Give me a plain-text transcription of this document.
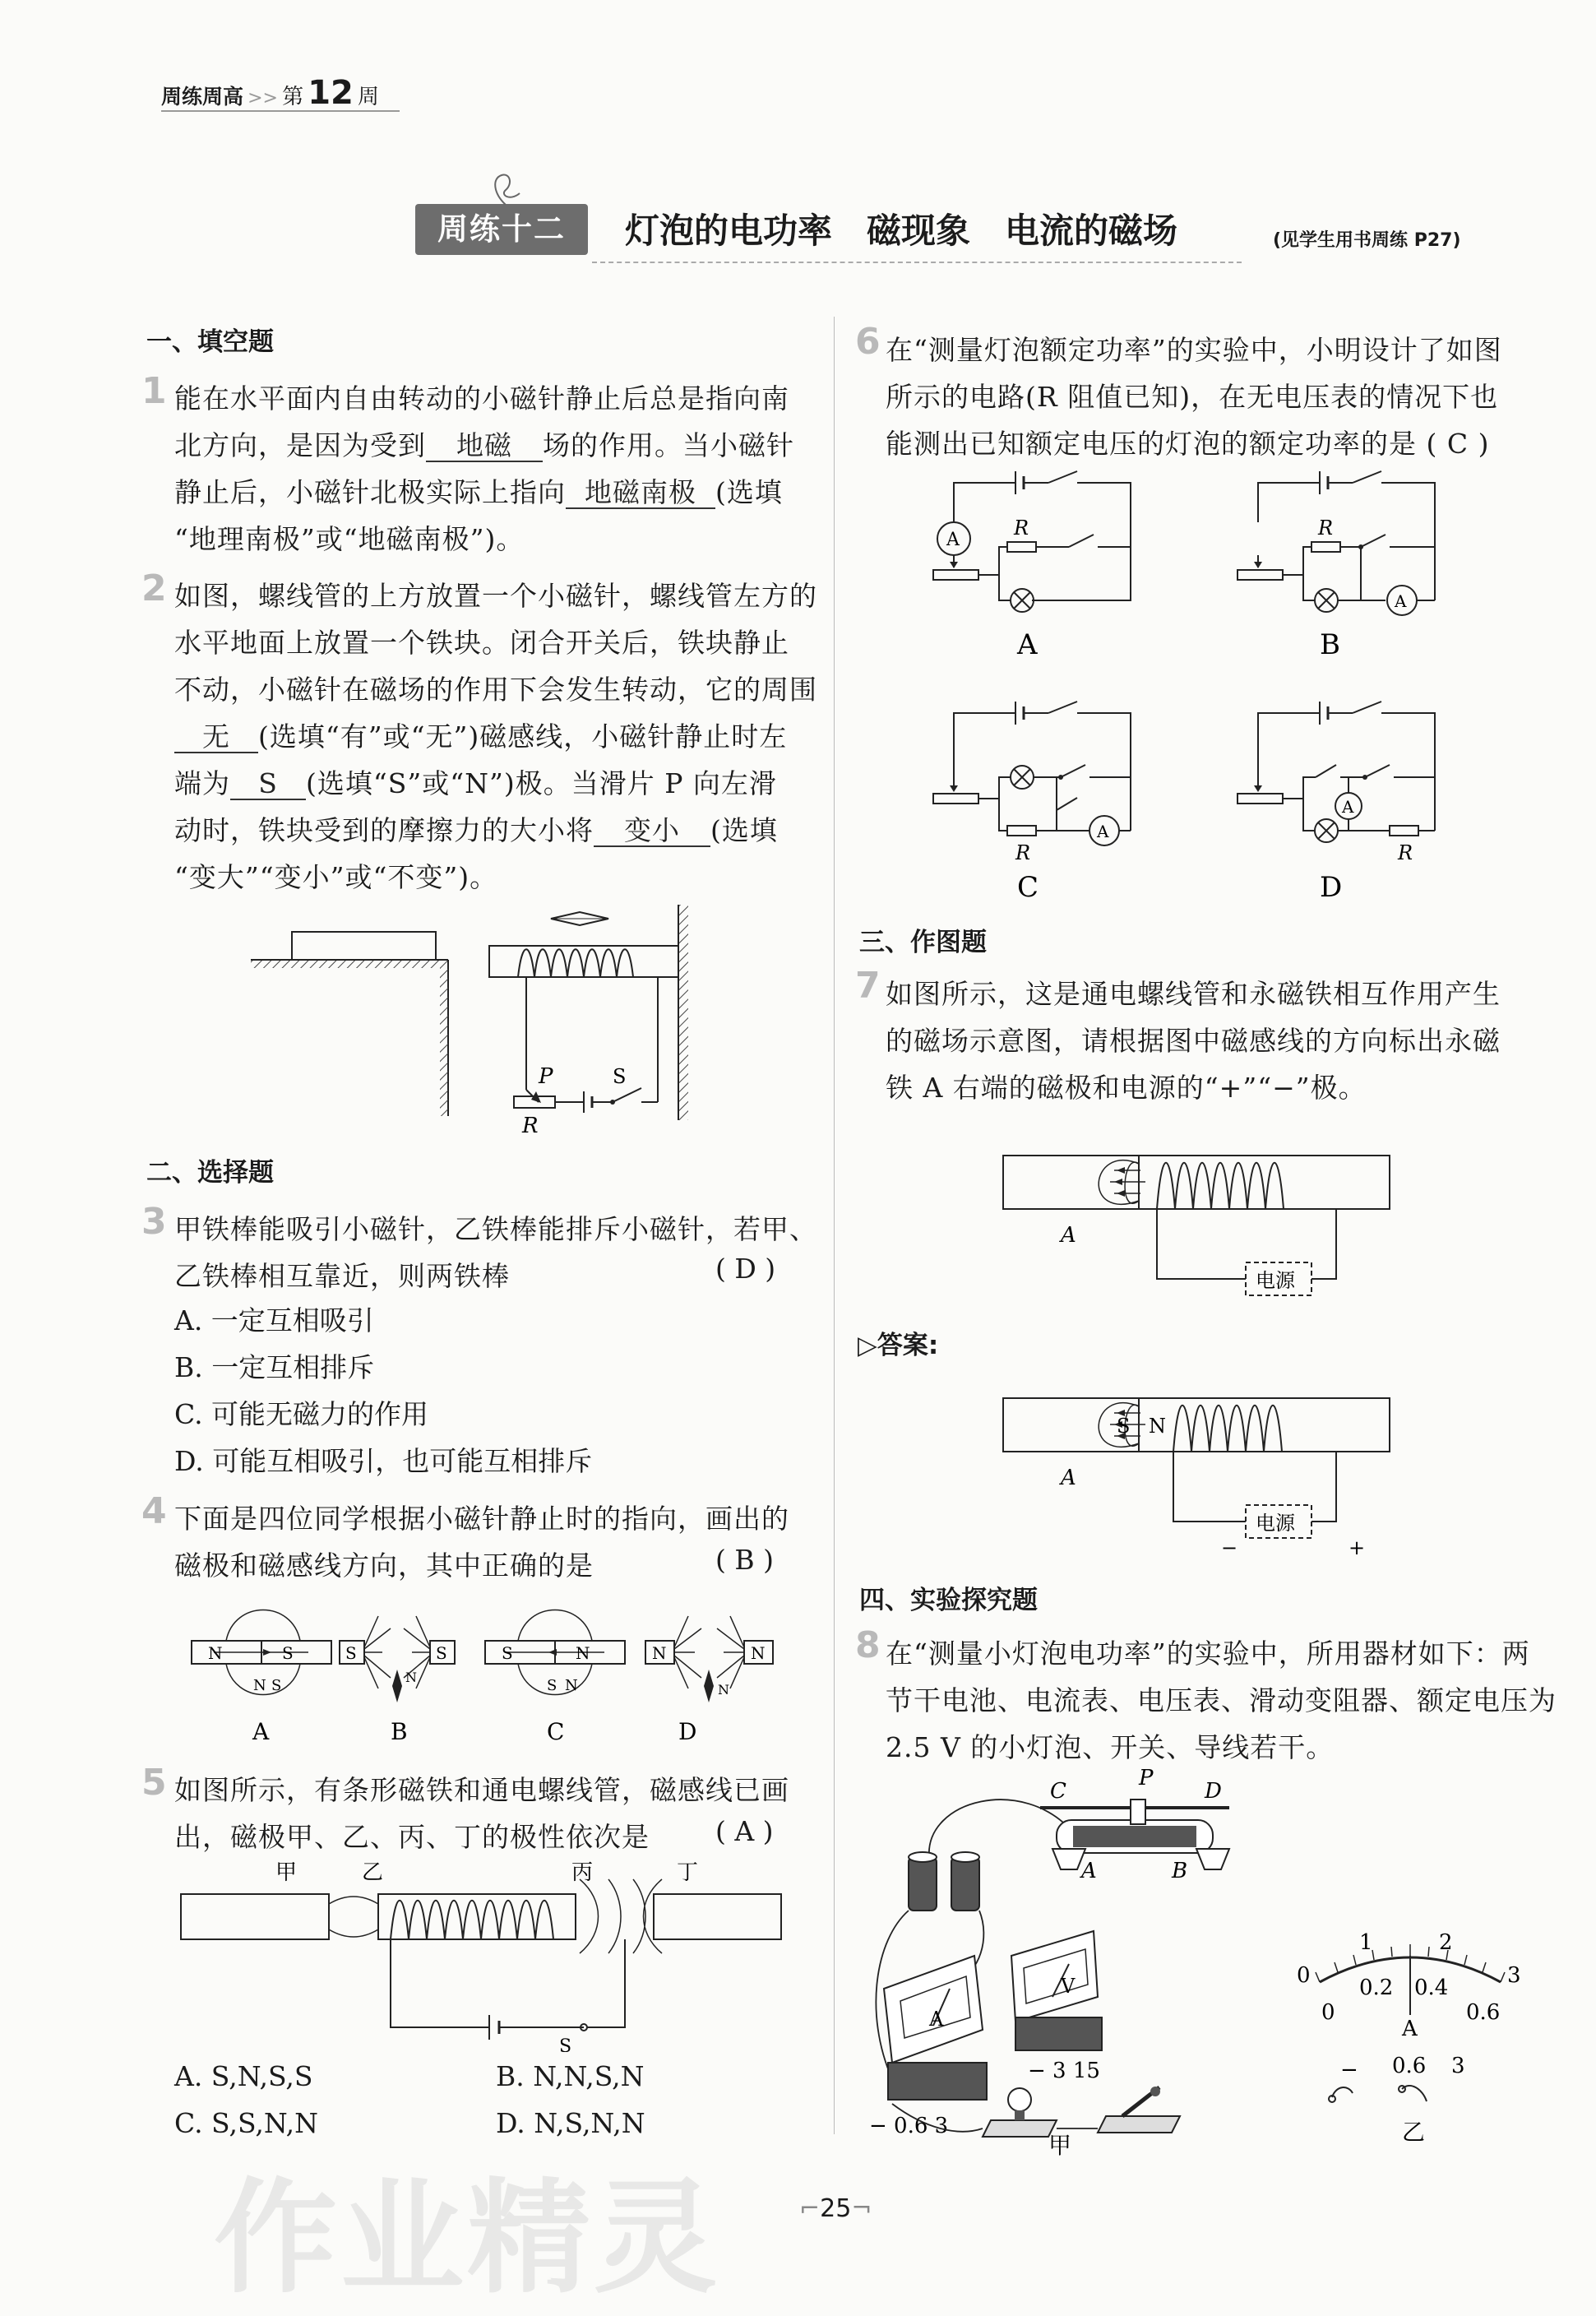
周练周高 >> 第 12 周
周练十二	灯泡的电功率　磁现象　电流的磁场	(见学生用书周练 P27)
一、填空题
1 能在水平面内自由转动的小磁针静止后总是指向南
北方向，是因为受到 地磁 场的作用。当小磁针
静止后，小磁针北极实际上指向 地磁南极 (选填
“地理南极”或“地磁南极”)。
2 如图，螺线管的上方放置一个小磁针，螺线管左方的
水平地面上放置一个铁块。闭合开关后，铁块静止
不动，小磁针在磁场的作用下会发生转动，它的周围
无 (选填“有”或“无”)磁感线，小磁针静止时左
端为 S (选填“S”或“N”)极。当滑片 P 向左滑
动时，铁块受到的摩擦力的大小将 变小 (选填
“变大”“变小”或“不变”)。
P	S
R
二、选择题
3 甲铁棒能吸引小磁针，乙铁棒能排斥小磁针，若甲、
乙铁棒相互靠近，则两铁棒	( D )
A. 一定互相吸引
B. 一定互相排斥
C. 可能无磁力的作用
D. 可能互相吸引，也可能互相排斥
4 下面是四位同学根据小磁针静止时的指向，画出的
磁极和磁感线方向，其中正确的是	( B )
N	S
N S
A
S	S
N
B
S	N
S N
C
N	N
N
D
5 如图所示，有条形磁铁和通电螺线管，磁感线已画
出，磁极甲、乙、丙、丁的极性依次是	( A )
甲	乙	丙	丁
S
A. S,N,S,S	B. N,N,S,N
C. S,S,N,N	D. N,S,N,N
6 在“测量灯泡额定功率”的实验中，小明设计了如图
所示的电路(R 阻值已知)，在无电压表的情况下也
能测出已知额定电压的灯泡的额定功率的是 ( C )
A
R
A
R
A
B
A
R
C
A
R
D
三、作图题
7 如图所示，这是通电螺线管和永磁铁相互作用产生
的磁场示意图，请根据图中磁感线的方向标出永磁
铁 A 右端的磁极和电源的“+”“−”极。
电源
A
▷答案:
S N
电源
−	+
A
四、实验探究题
8 在“测量小灯泡电功率”的实验中，所用器材如下：两
节干电池、电流表、电压表、滑动变阻器、额定电压为
2.5 V 的小灯泡、开关、导线若干。
C
P
D
A	B
A
− 0.6 3
V
− 3 15
甲
0
1	2
3
0
0.2 0.4
0.6
A
− 0.6 3
乙
⌐25¬
作业精灵
